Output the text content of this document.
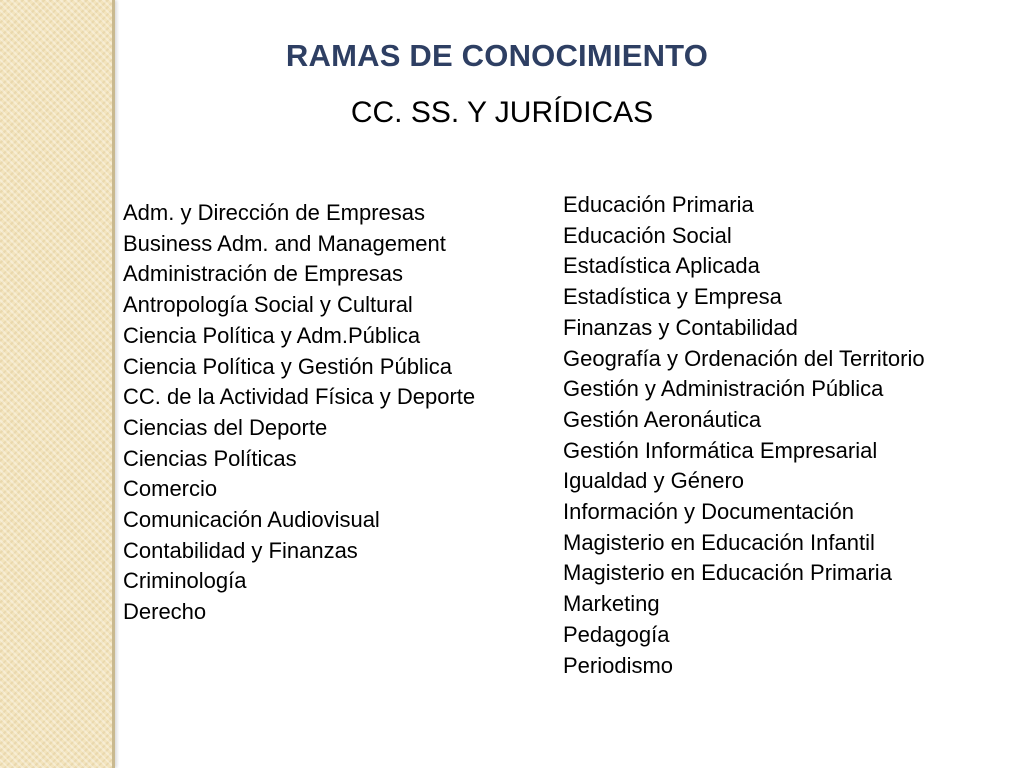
RAMAS DE CONOCIMIENTO
CC. SS. Y JURÍDICAS
Adm. y Dirección de Empresas
Business Adm. and Management
Administración de Empresas
Antropología Social y Cultural
Ciencia Política y Adm.Pública
Ciencia Política y Gestión Pública
CC. de la Actividad Física y Deporte
Ciencias del Deporte
Ciencias Políticas
Comercio
Comunicación Audiovisual
Contabilidad y Finanzas
Criminología
Derecho
Educación Primaria
Educación Social
Estadística Aplicada
Estadística y Empresa
Finanzas y Contabilidad
Geografía y Ordenación del Territorio
Gestión y Administración Pública
Gestión Aeronáutica
Gestión Informática Empresarial
Igualdad y Género
Información y Documentación
Magisterio en Educación Infantil
Magisterio en Educación Primaria
Marketing
Pedagogía
Periodismo
